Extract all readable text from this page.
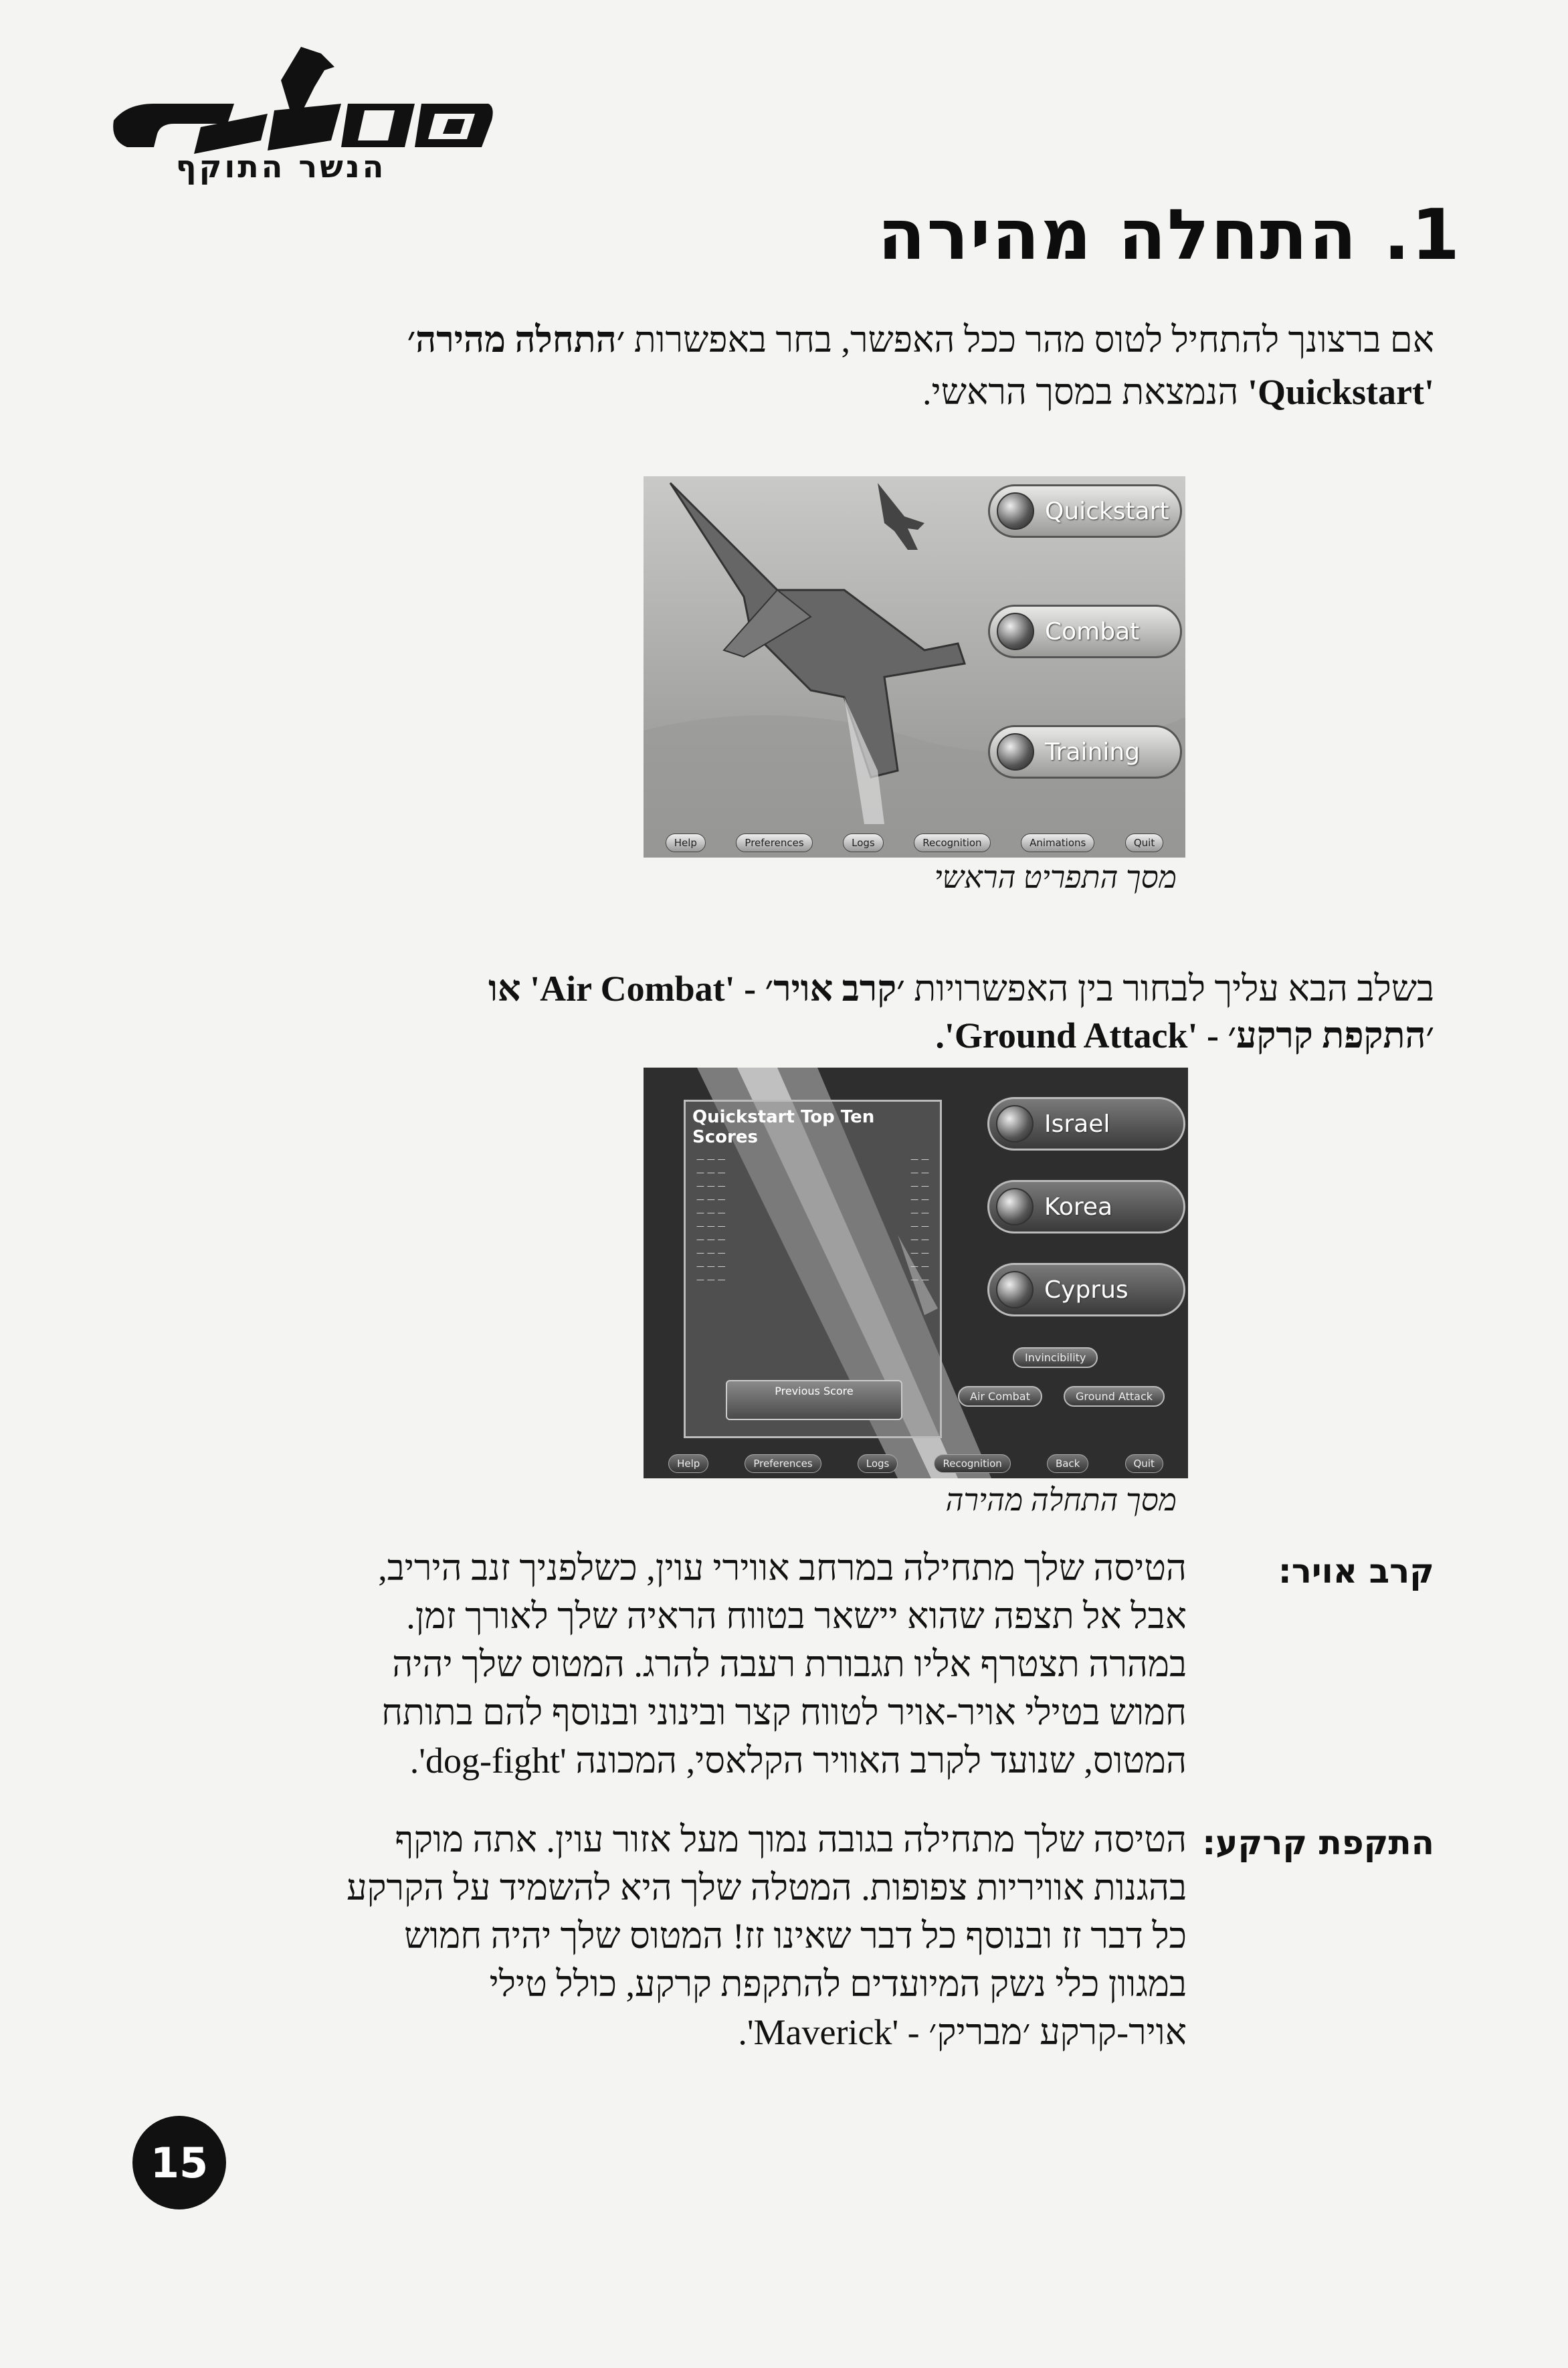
הנשר התוקף
1. התחלה מהירה
אם ברצונך להתחיל לטוס מהר ככל האפשר, בחר באפשרות ׳התחלה מהירה׳
'Quickstart' הנמצאת במסך הראשי.
Quickstart
Combat
Training
Help	Preferences	Logs	Recognition	Animations	Quit
מסך התפריט הראשי
בשלב הבא עליך לבחור בין האפשרויות ׳קרב אויר׳ - 'Air Combat' או
׳התקפת קרקע׳ - 'Ground Attack'.
Quickstart Top Ten Scores
— — —	— —
— — —	— —
— — —	— —
— — —	— —
— — —	— —
— — —	— —
— — —	— —
— — —	— —
— — —	— —
— — —	— —
Previous Score
Israel
Korea
Cyprus
Invincibility
Air Combat	Ground Attack
Help	Preferences	Logs	Recognition	Back	Quit
מסך התחלה מהירה
קרב אויר:
הטיסה שלך מתחילה במרחב אווירי עוין, כשלפניך זנב היריב,
אבל אל תצפה שהוא יישאר בטווח הראיה שלך לאורך זמן.
במהרה תצטרף אליו תגבורת רעבה להרג. המטוס שלך יהיה
חמוש בטילי אויר-אויר לטווח קצר ובינוני ובנוסף להם בתותח
המטוס, שנועד לקרב האוויר הקלאסי, המכונה 'dog-fight'.
התקפת קרקע:
הטיסה שלך מתחילה בגובה נמוך מעל אזור עוין. אתה מוקף
בהגנות אוויריות צפופות. המטלה שלך היא להשמיד על הקרקע
כל דבר זז ובנוסף כל דבר שאינו זז! המטוס שלך יהיה חמוש
במגוון כלי נשק המיועדים להתקפת קרקע, כולל טילי
אויר-קרקע ׳מבריק׳ - 'Maverick'.
15
